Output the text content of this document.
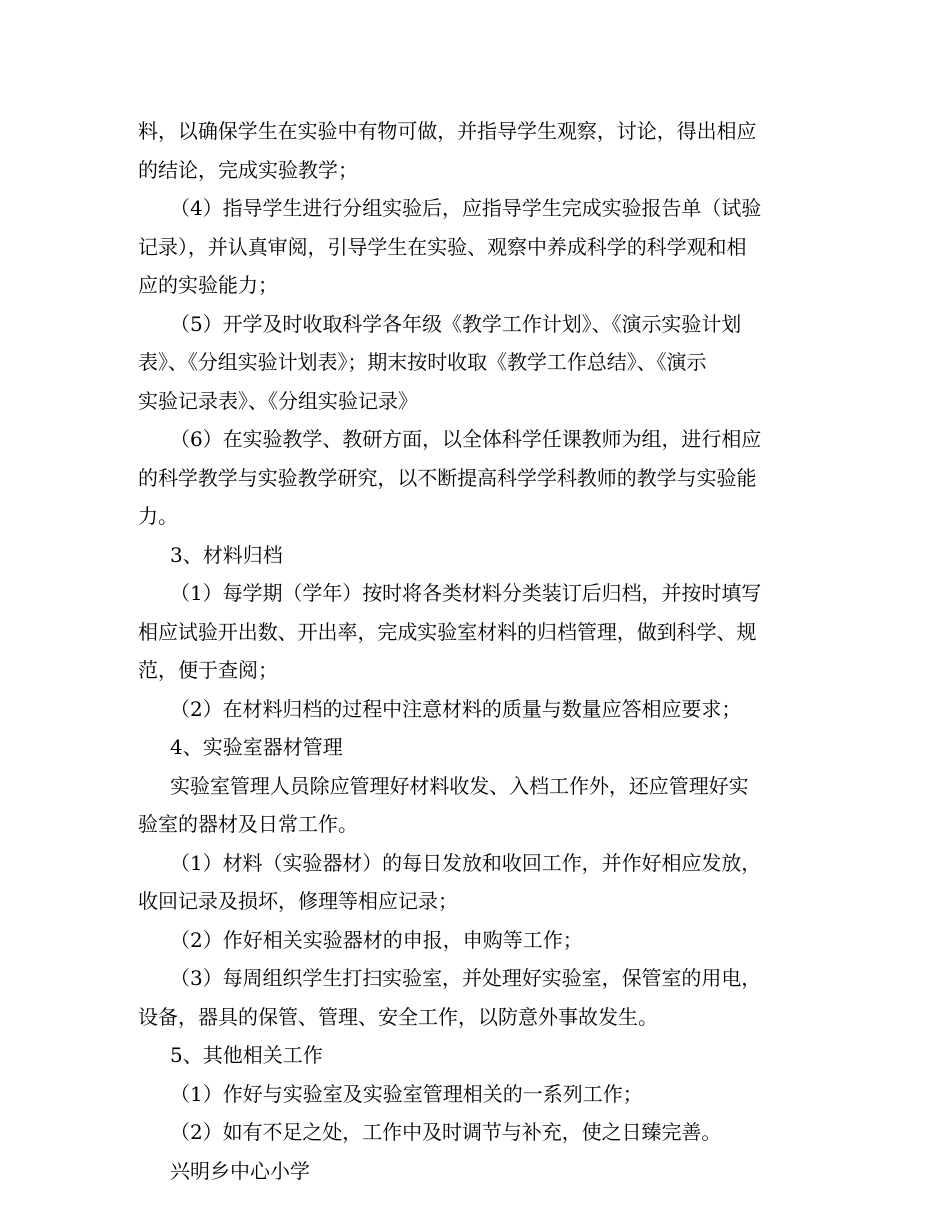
料，以确保学生在实验中有物可做，并指导学生观察，讨论，得出相应

的结论，完成实验教学；

（4）指导学生进行分组实验后，应指导学生完成实验报告单（试验

记录），并认真审阅，引导学生在实验、观察中养成科学的科学观和相

应的实验能力；

（5）开学及时收取科学各年级《教学工作计划》、《演示实验计划

表》、《分组实验计划表》；期末按时收取《教学工作总结》、《演示

实验记录表》、《分组实验记录》

（6）在实验教学、教研方面，以全体科学任课教师为组，进行相应

的科学教学与实验教学研究，以不断提高科学学科教师的教学与实验能

力。

3、材料归档

（1）每学期（学年）按时将各类材料分类装订后归档，并按时填写

相应试验开出数、开出率，完成实验室材料的归档管理，做到科学、规

范，便于查阅；

（2）在材料归档的过程中注意材料的质量与数量应答相应要求；

4、实验室器材管理

实验室管理人员除应管理好材料收发、入档工作外，还应管理好实

验室的器材及日常工作。

（1）材料（实验器材）的每日发放和收回工作，并作好相应发放，

收回记录及损坏，修理等相应记录；

（2）作好相关实验器材的申报，申购等工作；

（3）每周组织学生打扫实验室，并处理好实验室，保管室的用电，

设备，器具的保管、管理、安全工作，以防意外事故发生。

5、其他相关工作

（1）作好与实验室及实验室管理相关的一系列工作；

（2）如有不足之处，工作中及时调节与补充，使之日臻完善。

兴明乡中心小学
